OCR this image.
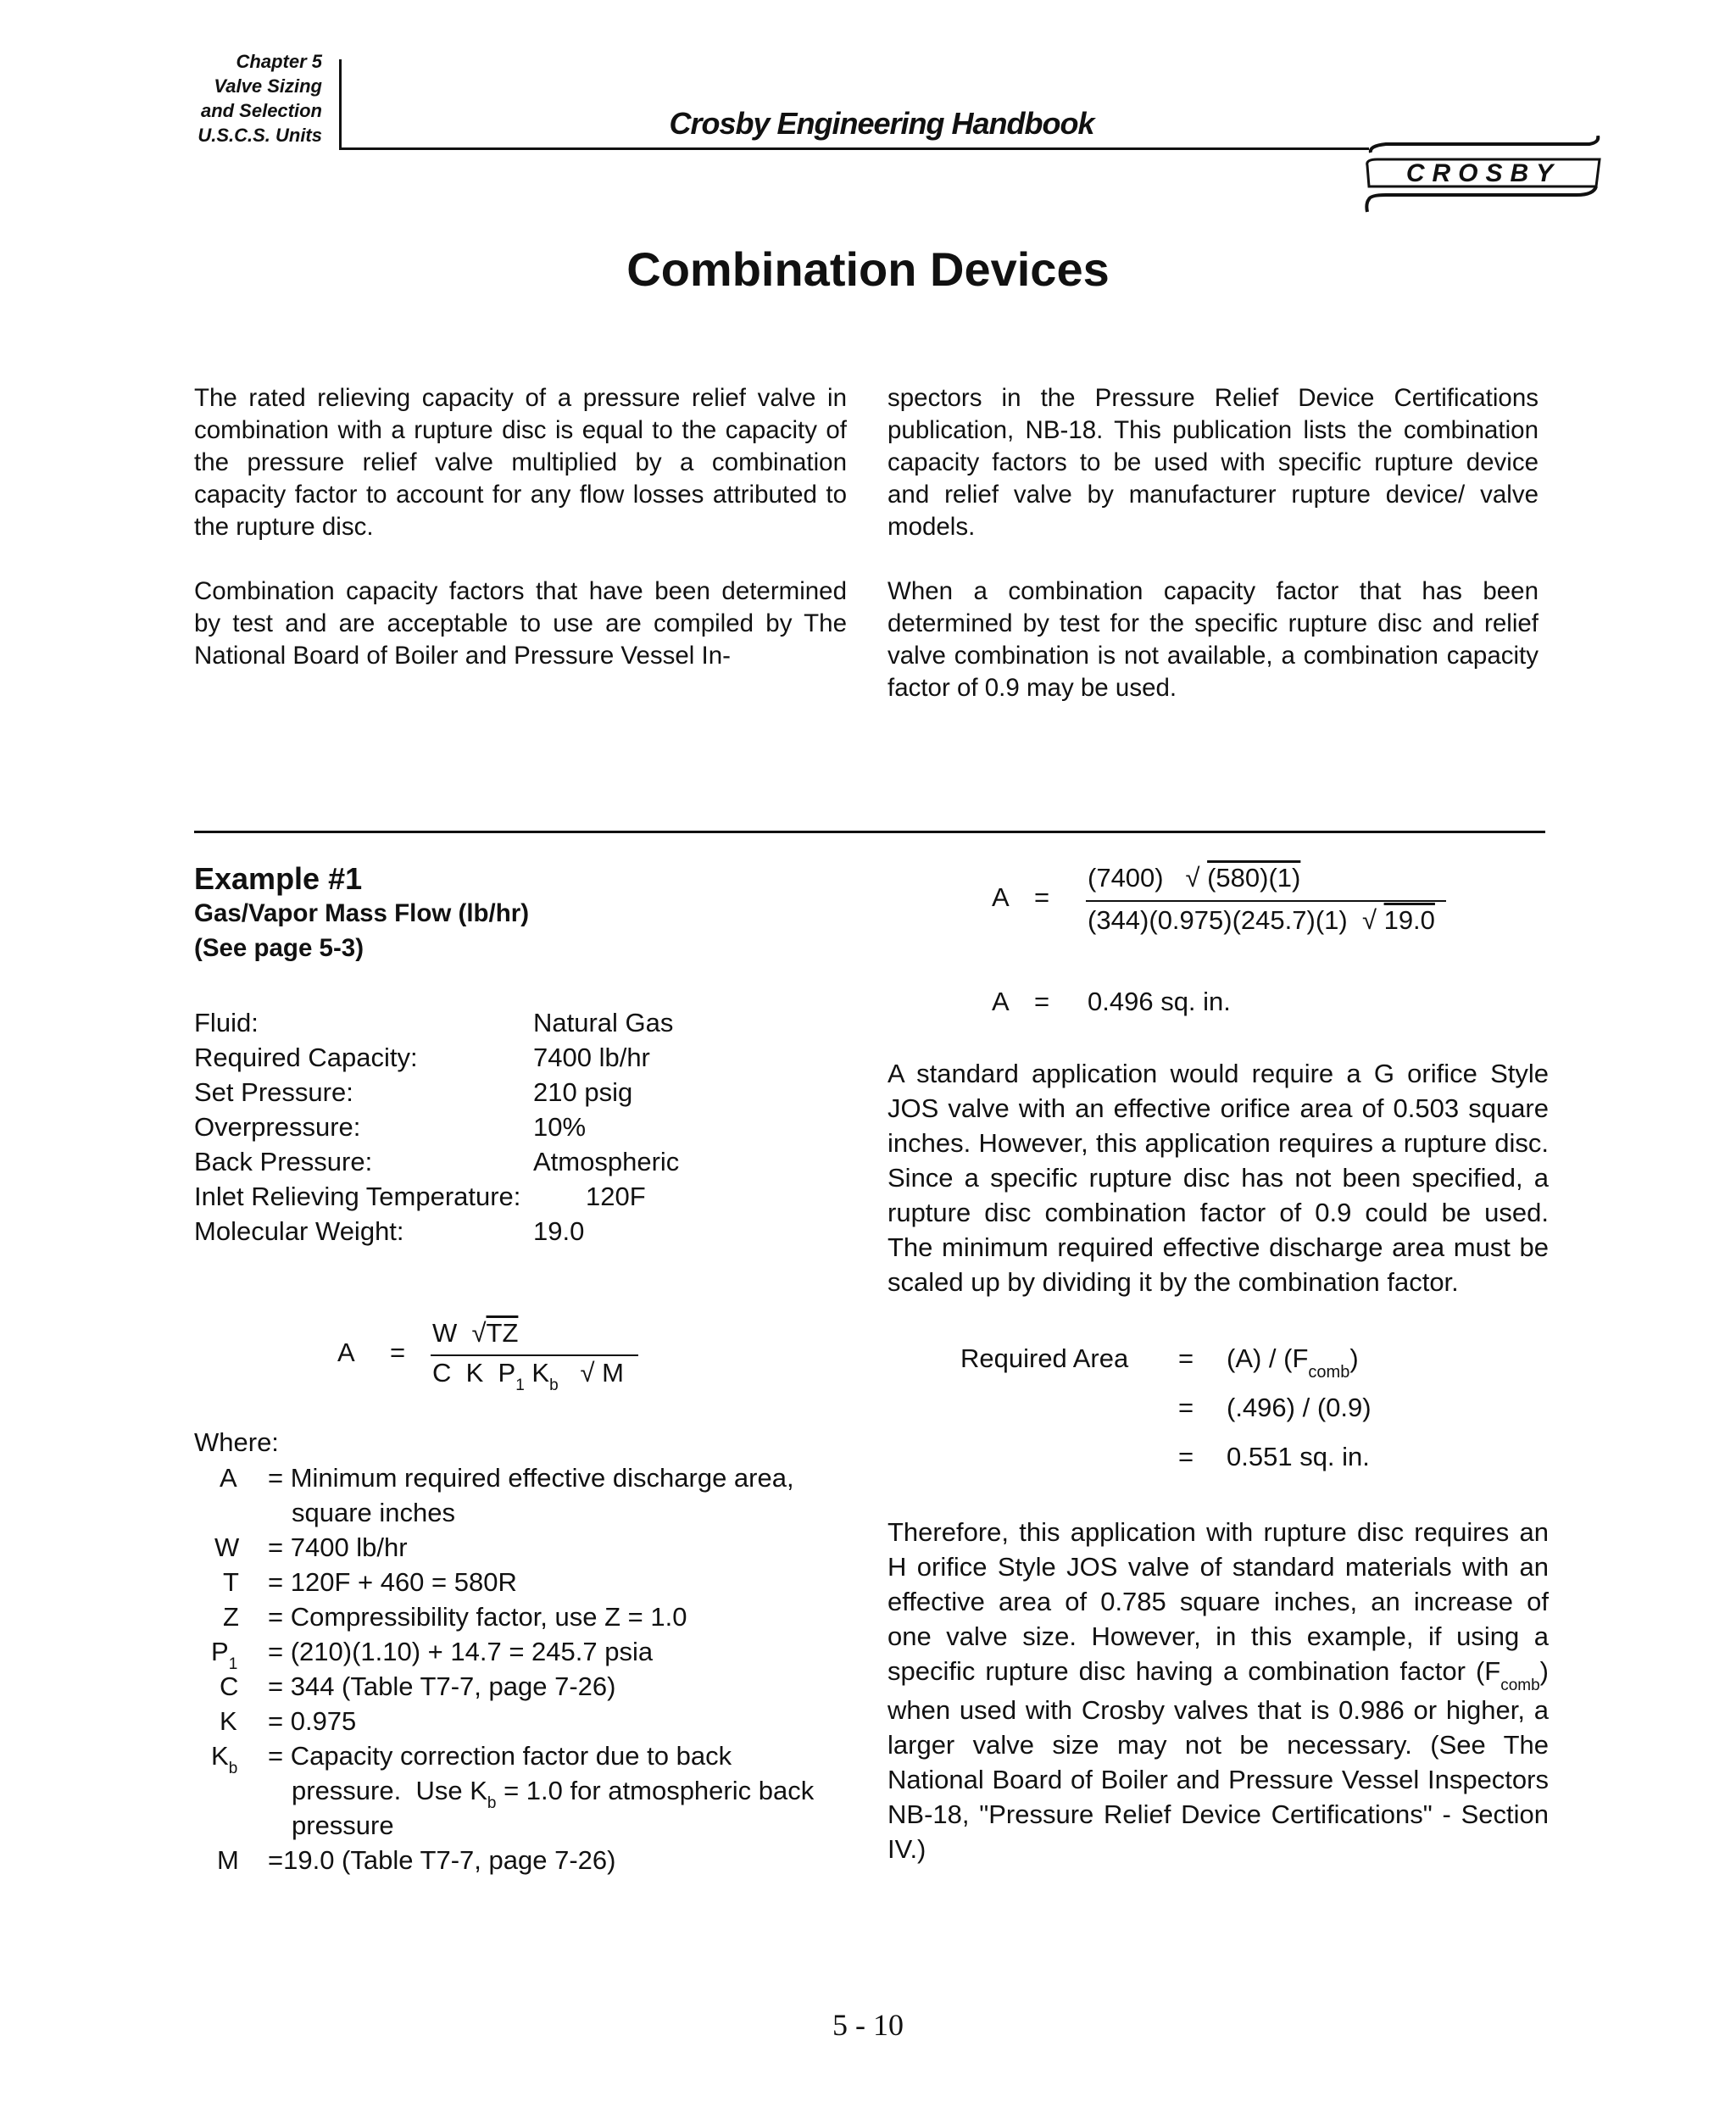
Chapter 5
Valve Sizing
and Selection
U.S.C.S. Units	Crosby Engineering Handbook
CROSBY
Combination Devices
The rated relieving capacity of a pressure relief valve in combination with a rupture disc is equal to the capacity of the pressure relief valve multiplied by a combination capacity factor to account for any flow losses attributed to the rupture disc.
Combination capacity factors that have been determined by test and are acceptable to use are compiled by The National Board of Boiler and Pressure Vessel In-
spectors in the Pressure Relief Device Certifications publication, NB-18. This publication lists the combination capacity factors to be used with specific rupture device and relief valve by manufacturer rupture device/ valve models.
When a combination capacity factor that has been determined by test for the specific rupture disc and relief valve combination is not available, a combination capacity factor of 0.9 may be used.
Example #1
Gas/Vapor Mass Flow (lb/hr)
(See page 5-3)
Fluid:	Natural Gas
Required Capacity:	7400 lb/hr
Set Pressure:	210 psig
Overpressure:	10%
Back Pressure:	Atmospheric
Inlet Relieving Temperature: 120F
Molecular Weight:	19.0
A =
W √TZ
C  K  $P_1$ $K_b$ √ M
Where:
A = Minimum required effective discharge area,
square inches
W = 7400 lb/hr
T = 120F + 460 = 580R
Z = Compressibility factor, use Z = 1.0
$P_1 = (210)(1.10) + 14.7 = 245.7$ psia
C = 344 (Table T7-7, page 7-26)
K = 0.975
$K_b$ = Capacity correction factor due to back
pressure.  Use $K_b = 1.0$ for atmospheric back
pressure
M =19.0 (Table T7-7, page 7-26)
A =
(7400) √ (580)(1)
(344)(0.975)(245.7)(1) √ 19.0
A = 0.496 sq. in.
A standard application would require a G orifice Style JOS valve with an effective orifice area of 0.503 square inches. However, this application requires a rupture disc. Since a specific rupture disc has not been specified, a rupture disc combination factor of 0.9 could be used. The minimum required effective discharge area must be scaled up by dividing it by the combination factor.
Required Area = $(A) / (F_{comb})$
= (.496) / (0.9)
= 0.551 sq. in.
Therefore, this application with rupture disc requires an H orifice Style JOS valve of standard materials with an effective area of 0.785 square inches, an increase of one valve size. However, in this example, if using a specific rupture disc having a combination factor $(F_{comb})$ when used with Crosby valves that is 0.986 or higher, a larger valve size may not be necessary. (See The National Board of Boiler and Pressure Vessel Inspectors NB-18, "Pressure Relief Device Certifications" - Section IV.)
5 - 10
